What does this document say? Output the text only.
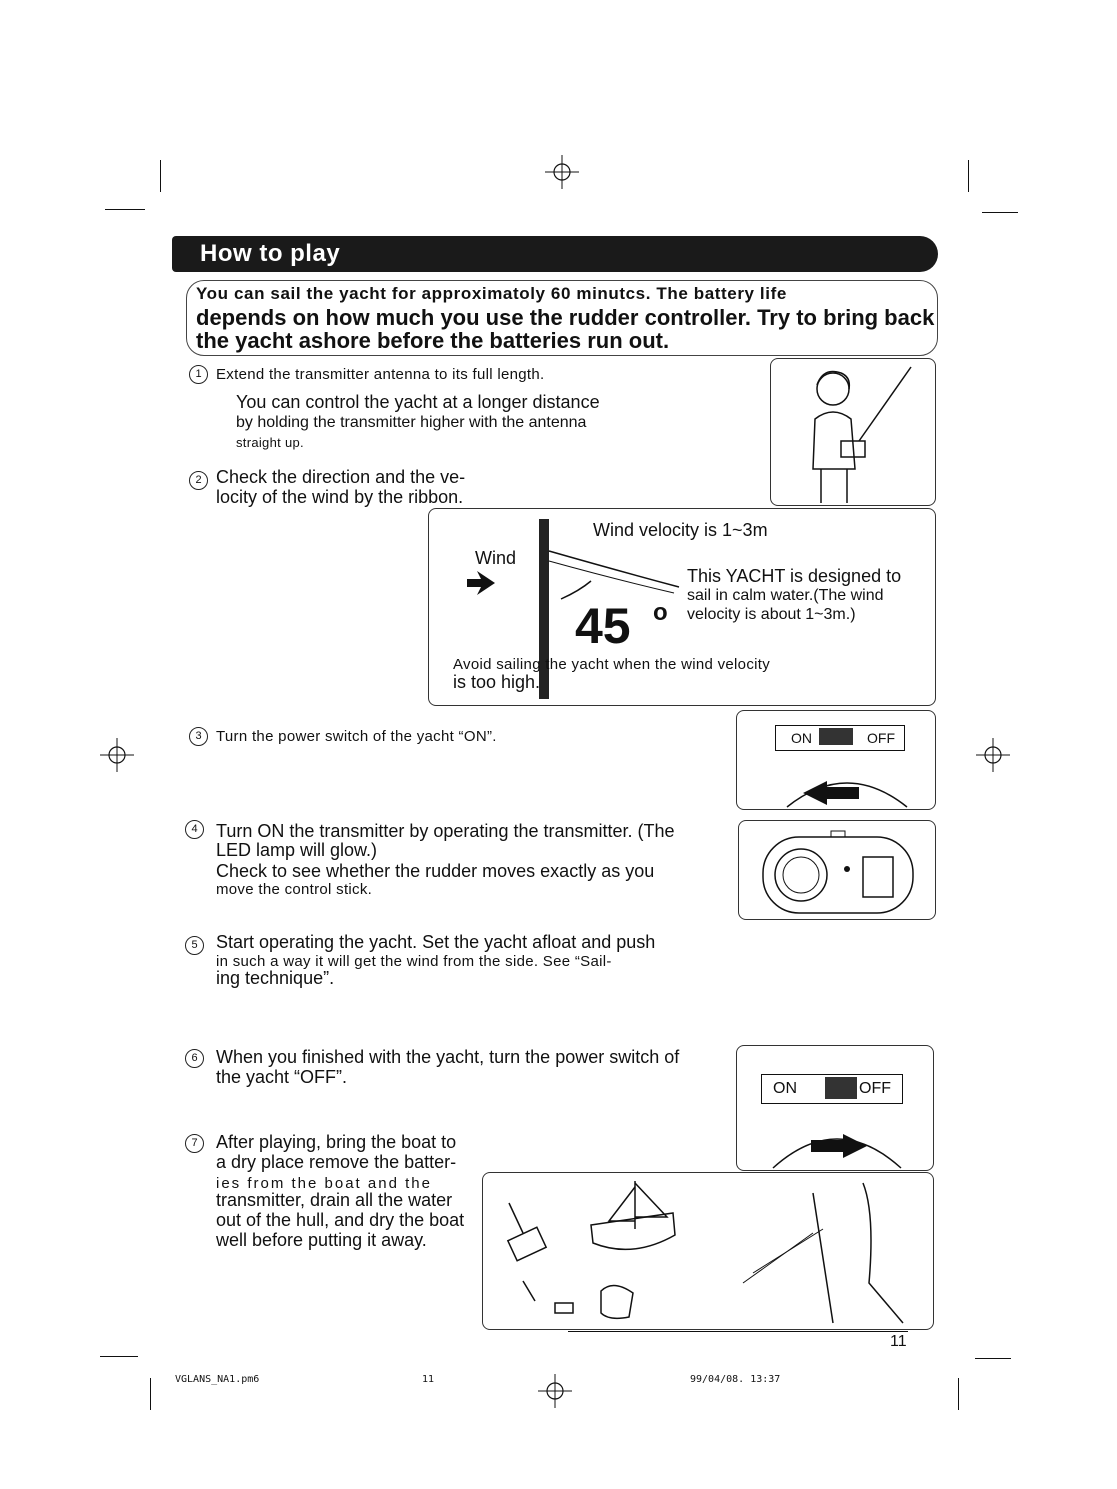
How to play
You can sail the yacht for approximatoly 60 minutcs. The battery life
depends on how much you use the rudder controller. Try to bring back
the yacht ashore before the batteries run out.
1 Extend the transmitter antenna to its full length.
You can control the yacht at a longer distance
by holding the transmitter higher with the antenna
straight up.
2 Check the direction and the ve-
locity of the wind by the ribbon.
Wind velocity is 1~3m
Wind
45 o
This YACHT is designed to
sail in calm water.(The wind
velocity is about 1~3m.)
Avoid sailing the yacht when the wind velocity
is too high.
3 Turn the power switch of the yacht “ON”.	ON	OFF
4	Turn ON the transmitter by operating the transmitter. (The
LED lamp will glow.)
Check to see whether the rudder moves exactly as you
move the control stick.
5	Start operating the yacht. Set the yacht afloat and push
in such a way it will get the wind from the side. See “Sail-
ing technique”.
6	When you finished with the yacht, turn the power switch of
the yacht “OFF”.
ON	OFF
7	After playing, bring the boat to
a dry place remove the batter-
ies from the boat and the
transmitter, drain all the water
out of the hull, and dry the boat
well before putting it away.
11
VGLANS_NA1.pm6	11	99/04/08. 13:37
